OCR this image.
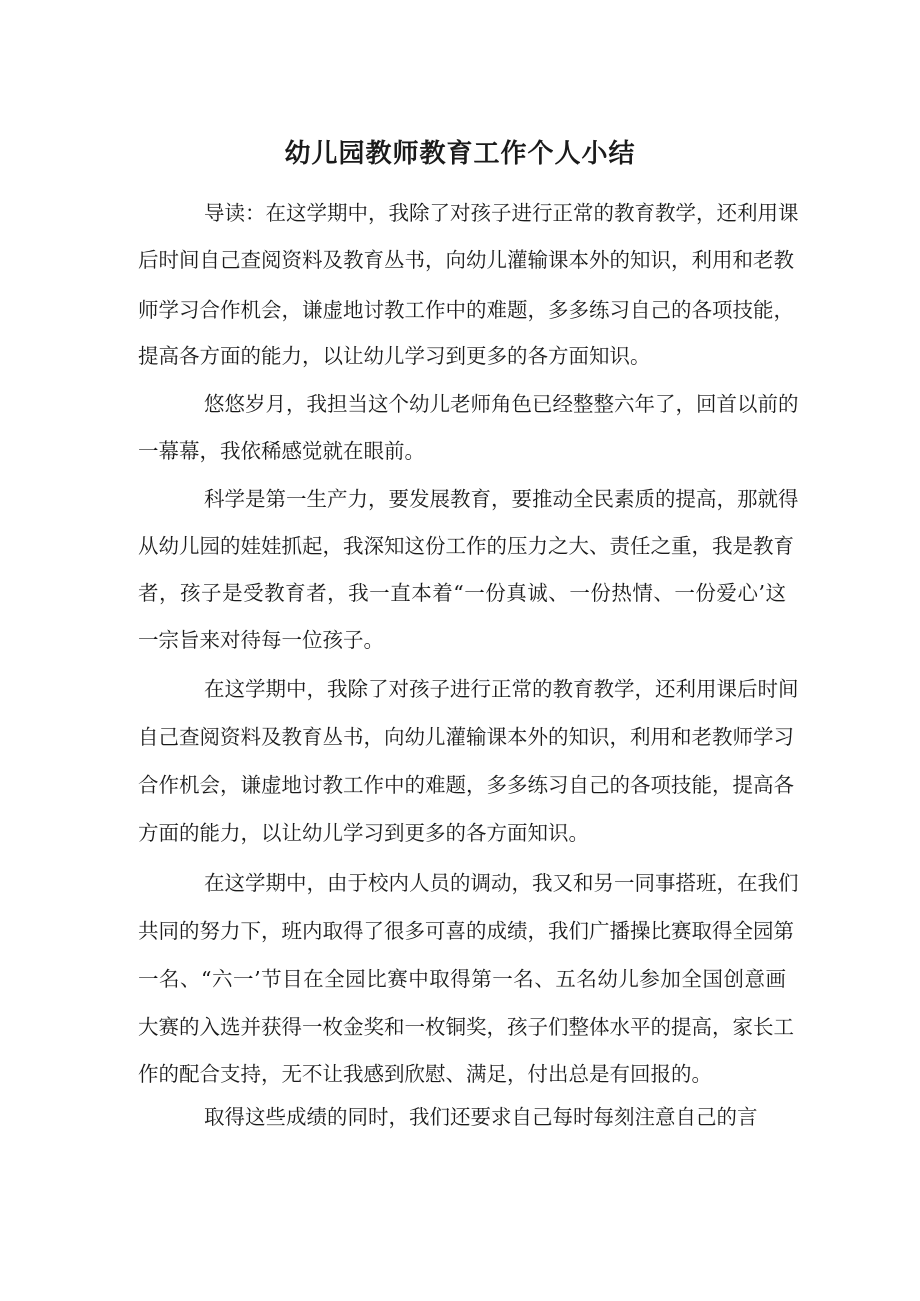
幼儿园教师教育工作个人小结

导读：在这学期中，我除了对孩子进行正常的教育教学，还利用课

后时间自己查阅资料及教育丛书，向幼儿灌输课本外的知识，利用和老教

师学习合作机会，谦虚地讨教工作中的难题，多多练习自己的各项技能，

提高各方面的能力，以让幼儿学习到更多的各方面知识。

悠悠岁月，我担当这个幼儿老师角色已经整整六年了，回首以前的

一幕幕，我依稀感觉就在眼前。

科学是第一生产力，要发展教育，要推动全民素质的提高，那就得

从幼儿园的娃娃抓起，我深知这份工作的压力之大、责任之重，我是教育

者，孩子是受教育者，我一直本着“一份真诚、一份热情、一份爱心’这

一宗旨来对待每一位孩子。

在这学期中，我除了对孩子进行正常的教育教学，还利用课后时间

自己查阅资料及教育丛书，向幼儿灌输课本外的知识，利用和老教师学习

合作机会，谦虚地讨教工作中的难题，多多练习自己的各项技能，提高各

方面的能力，以让幼儿学习到更多的各方面知识。

在这学期中，由于校内人员的调动，我又和另一同事搭班，在我们

共同的努力下，班内取得了很多可喜的成绩，我们广播操比赛取得全园第

一名、“六一’节目在全园比赛中取得第一名、五名幼儿参加全国创意画

大赛的入选并获得一枚金奖和一枚铜奖，孩子们整体水平的提高，家长工

作的配合支持，无不让我感到欣慰、满足，付出总是有回报的。

取得这些成绩的同时，我们还要求自己每时每刻注意自己的言
